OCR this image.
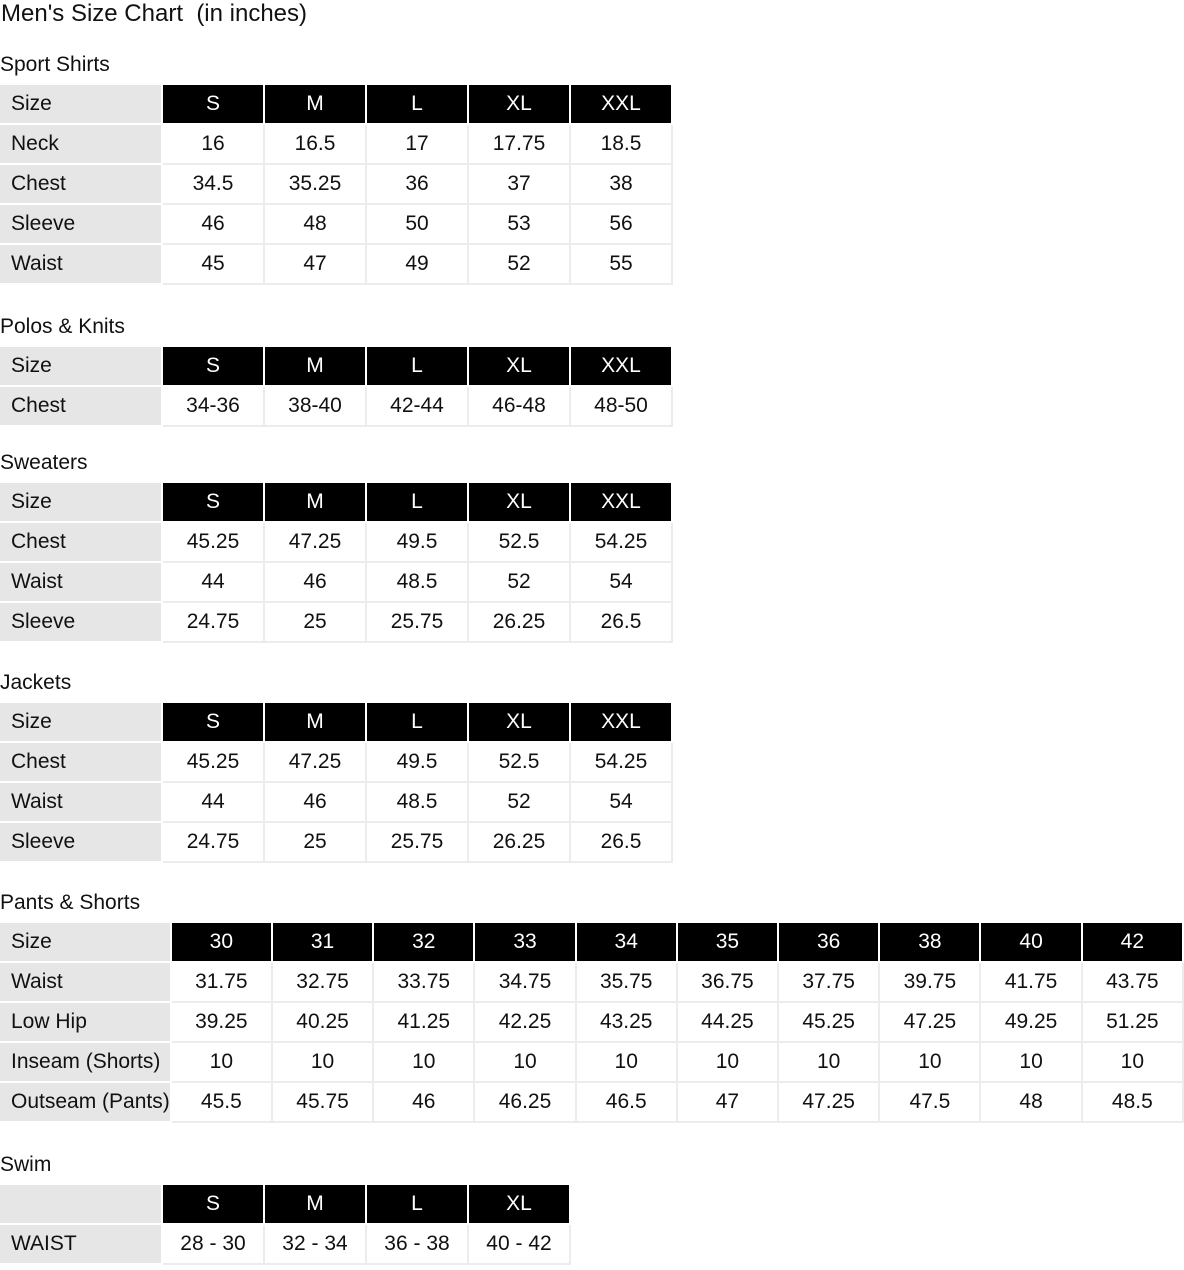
Men's Size Chart  (in inches)
Sport Shirts
Size	S	M	L	XL	XXL
Neck	16	16.5	17	17.75	18.5
Chest	34.5	35.25	36	37	38
Sleeve	46	48	50	53	56
Waist	45	47	49	52	55
Polos & Knits
Size	S	M	L	XL	XXL
Chest	34-36	38-40	42-44	46-48	48-50
Sweaters
Size	S	M	L	XL	XXL
Chest	45.25	47.25	49.5	52.5	54.25
Waist	44	46	48.5	52	54
Sleeve	24.75	25	25.75	26.25	26.5
Jackets
Size	S	M	L	XL	XXL
Chest	45.25	47.25	49.5	52.5	54.25
Waist	44	46	48.5	52	54
Sleeve	24.75	25	25.75	26.25	26.5
Pants & Shorts
Size	30	31	32	33	34	35	36	38	40	42
Waist	31.75	32.75	33.75	34.75	35.75	36.75	37.75	39.75	41.75	43.75
Low Hip	39.25	40.25	41.25	42.25	43.25	44.25	45.25	47.25	49.25	51.25
Inseam (Shorts)	10	10	10	10	10	10	10	10	10	10
Outseam (Pants)	45.5	45.75	46	46.25	46.5	47	47.25	47.5	48	48.5
Swim
	S	M	L	XL
WAIST	28 - 30	32 - 34	36 - 38	40 - 42
